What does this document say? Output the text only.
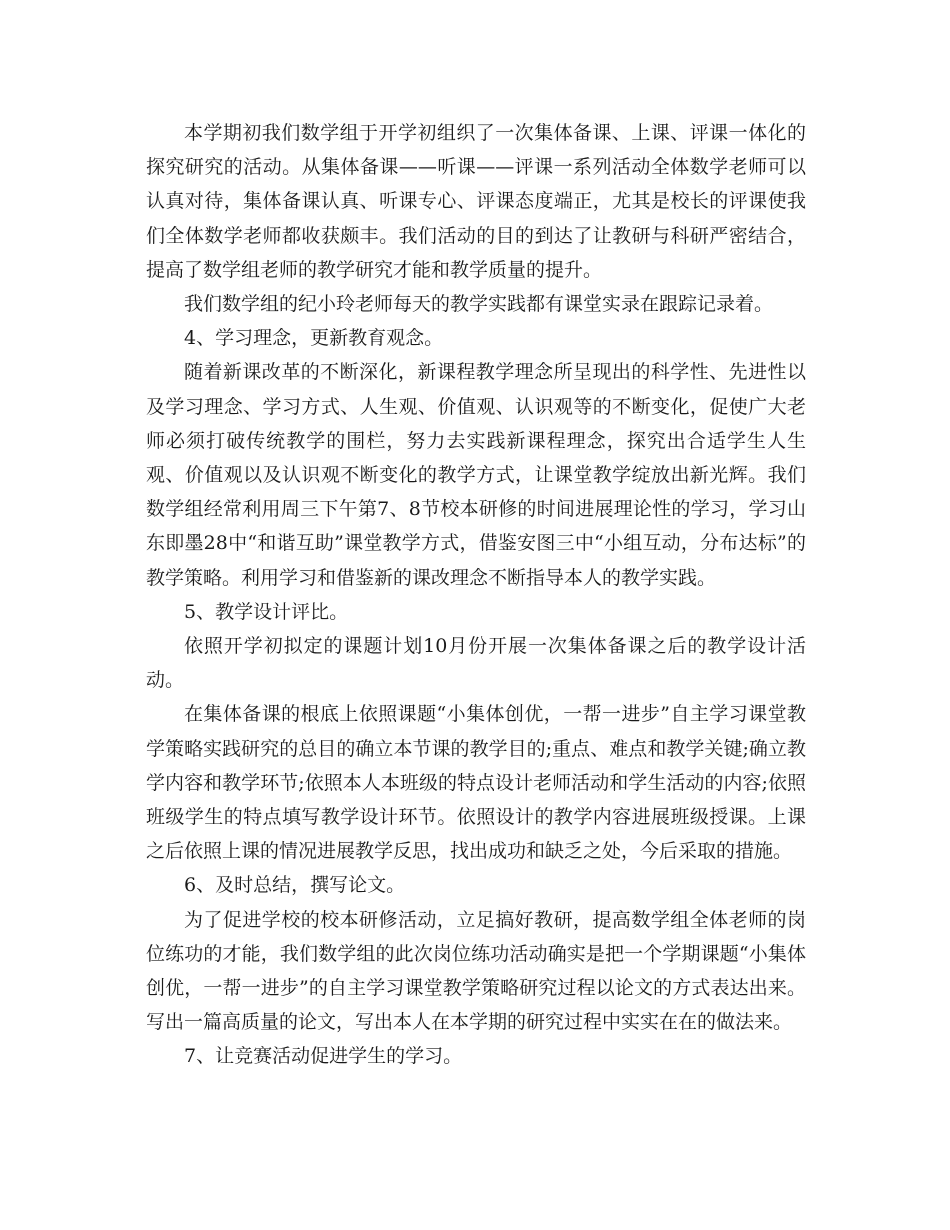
本学期初我们数学组于开学初组织了一次集体备课、上课、评课一体化的探究研究的活动。从集体备课——听课——评课一系列活动全体数学老师可以认真对待，集体备课认真、听课专心、评课态度端正，尤其是校长的评课使我们全体数学老师都收获颇丰。我们活动的目的到达了让教研与科研严密结合，提高了数学组老师的教学研究才能和教学质量的提升。

我们数学组的纪小玲老师每天的教学实践都有课堂实录在跟踪记录着。

4、学习理念，更新教育观念。

随着新课改革的不断深化，新课程教学理念所呈现出的科学性、先进性以及学习理念、学习方式、人生观、价值观、认识观等的不断变化，促使广大老师必须打破传统教学的围栏，努力去实践新课程理念，探究出合适学生人生观、价值观以及认识观不断变化的教学方式，让课堂教学绽放出新光辉。我们数学组经常利用周三下午第7、8节校本研修的时间进展理论性的学习，学习山东即墨28中“和谐互助”课堂教学方式，借鉴安图三中“小组互动，分布达标”的教学策略。利用学习和借鉴新的课改理念不断指导本人的教学实践。

5、教学设计评比。

依照开学初拟定的课题计划10月份开展一次集体备课之后的教学设计活动。

在集体备课的根底上依照课题“小集体创优，一帮一进步”自主学习课堂教学策略实践研究的总目的确立本节课的教学目的;重点、难点和教学关键;确立教学内容和教学环节;依照本人本班级的特点设计老师活动和学生活动的内容;依照班级学生的特点填写教学设计环节。依照设计的教学内容进展班级授课。上课之后依照上课的情况进展教学反思，找出成功和缺乏之处，今后采取的措施。

6、及时总结，撰写论文。

为了促进学校的校本研修活动，立足搞好教研，提高数学组全体老师的岗位练功的才能，我们数学组的此次岗位练功活动确实是把一个学期课题“小集体创优，一帮一进步”的自主学习课堂教学策略研究过程以论文的方式表达出来。写出一篇高质量的论文，写出本人在本学期的研究过程中实实在在的做法来。

7、让竞赛活动促进学生的学习。
